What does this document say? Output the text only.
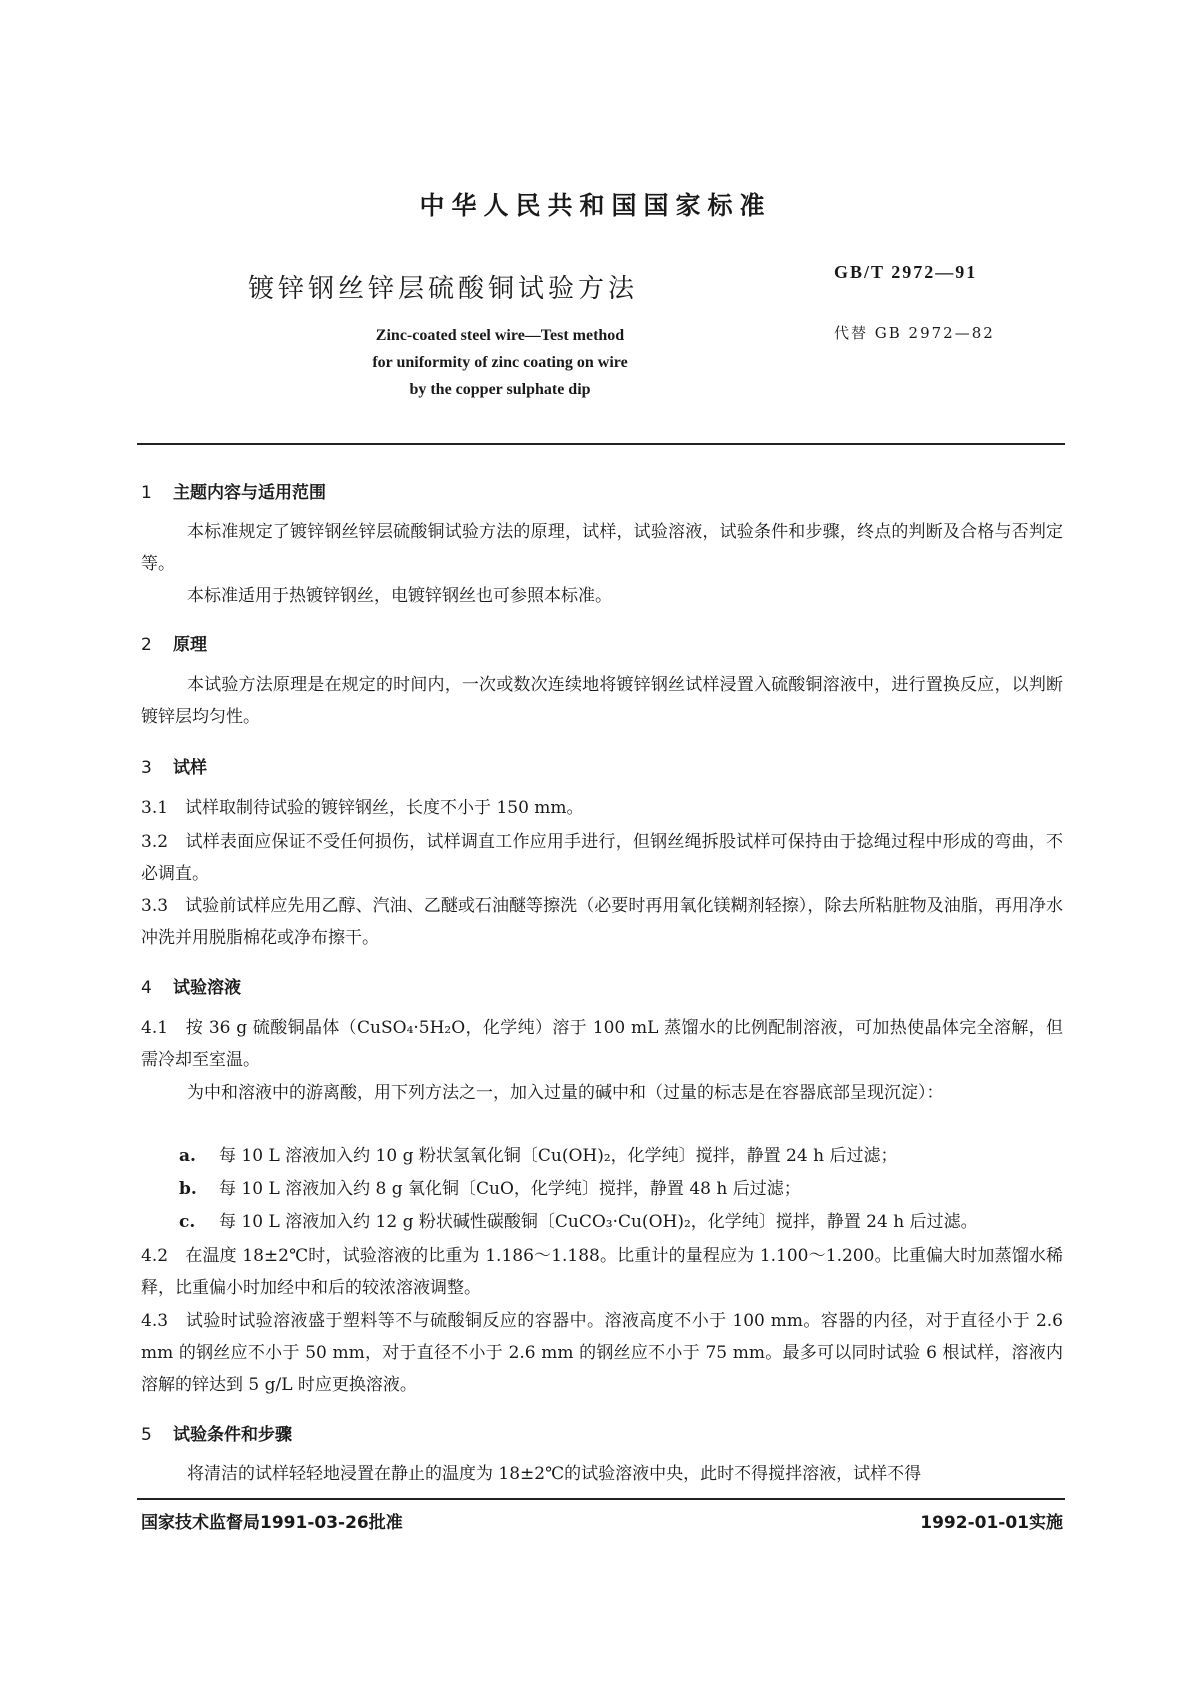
中华人民共和国国家标准
镀锌钢丝锌层硫酸铜试验方法
GB/T 2972—91
代替 GB 2972—82
Zinc-coated steel wire—Test method
for uniformity of zinc coating on wire
by the copper sulphate dip
1 主题内容与适用范围
本标准规定了镀锌钢丝锌层硫酸铜试验方法的原理，试样，试验溶液，试验条件和步骤，终点的判断及合格与否判定等。
本标准适用于热镀锌钢丝，电镀锌钢丝也可参照本标准。
2 原理
本试验方法原理是在规定的时间内，一次或数次连续地将镀锌钢丝试样浸置入硫酸铜溶液中，进行置换反应，以判断镀锌层均匀性。
3 试样
3.1　试样取制待试验的镀锌钢丝，长度不小于 150 mm。
3.2　试样表面应保证不受任何损伤，试样调直工作应用手进行，但钢丝绳拆股试样可保持由于捻绳过程中形成的弯曲，不必调直。
3.3　试验前试样应先用乙醇、汽油、乙醚或石油醚等擦洗（必要时再用氧化镁糊剂轻擦），除去所粘脏物及油脂，再用净水冲洗并用脱脂棉花或净布擦干。
4 试验溶液
4.1　按 36 g 硫酸铜晶体（CuSO₄·5H₂O，化学纯）溶于 100 mL 蒸馏水的比例配制溶液，可加热使晶体完全溶解，但需冷却至室温。
为中和溶液中的游离酸，用下列方法之一，加入过量的碱中和（过量的标志是在容器底部呈现沉淀）：
a. 每 10 L 溶液加入约 10 g 粉状氢氧化铜〔Cu(OH)₂，化学纯〕搅拌，静置 24 h 后过滤；
b. 每 10 L 溶液加入约 8 g 氧化铜〔CuO，化学纯〕搅拌，静置 48 h 后过滤；
c. 每 10 L 溶液加入约 12 g 粉状碱性碳酸铜〔CuCO₃·Cu(OH)₂，化学纯〕搅拌，静置 24 h 后过滤。
4.2　在温度 18±2℃时，试验溶液的比重为 1.186～1.188。比重计的量程应为 1.100～1.200。比重偏大时加蒸馏水稀释，比重偏小时加经中和后的较浓溶液调整。
4.3　试验时试验溶液盛于塑料等不与硫酸铜反应的容器中。溶液高度不小于 100 mm。容器的内径，对于直径小于 2.6 mm 的钢丝应不小于 50 mm，对于直径不小于 2.6 mm 的钢丝应不小于 75 mm。最多可以同时试验 6 根试样，溶液内溶解的锌达到 5 g/L 时应更换溶液。
5 试验条件和步骤
将清洁的试样轻轻地浸置在静止的温度为 18±2℃的试验溶液中央，此时不得搅拌溶液，试样不得
国家技术监督局1991-03-26批准	1992-01-01实施
